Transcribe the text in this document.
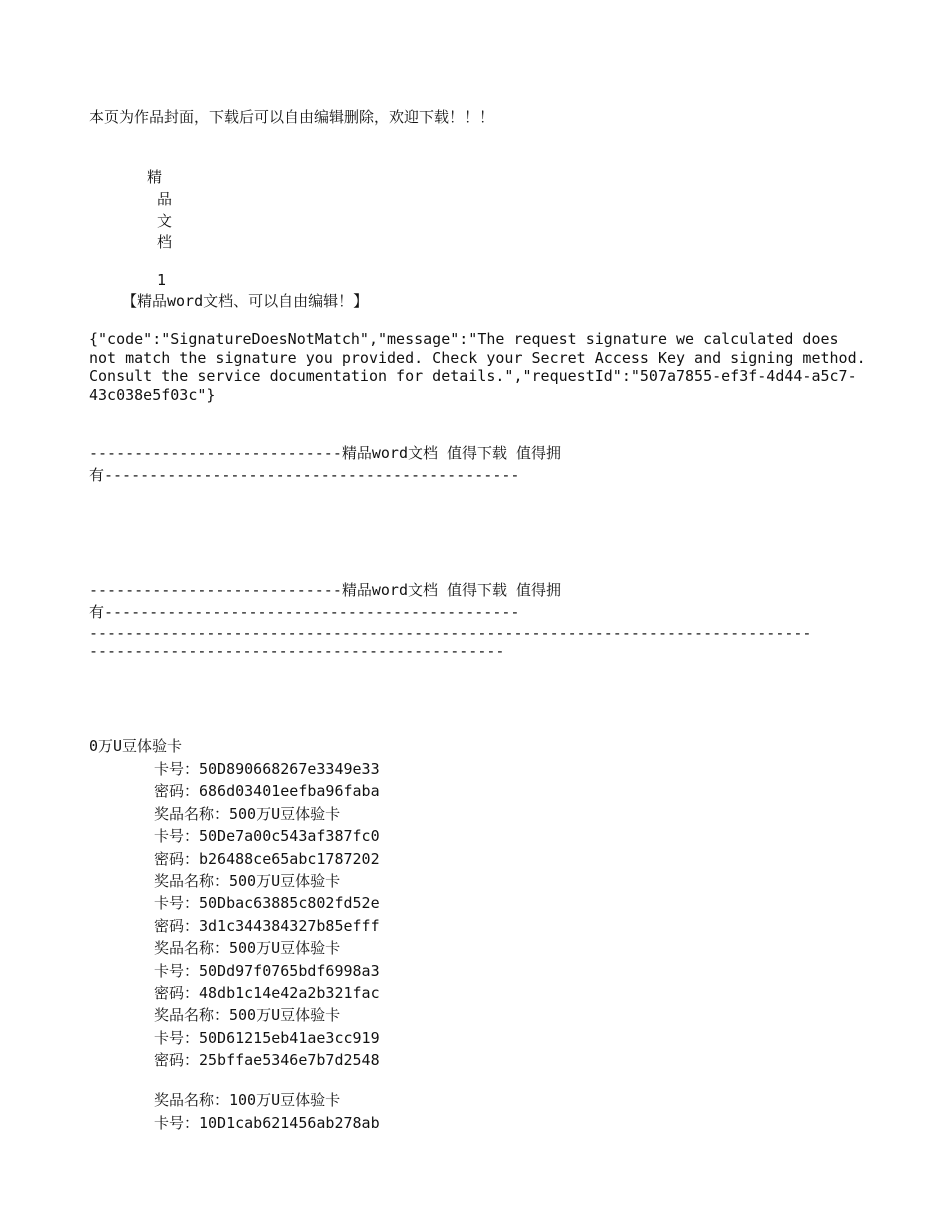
本页为作品封面，下载后可以自由编辑删除，欢迎下载！！！
精
品
文
档
1
【精品word文档、可以自由编辑！】
{"code":"SignatureDoesNotMatch","message":"The request signature we calculated does not match the signature you provided. Check your Secret Access Key and signing method. Consult the service documentation for details.","requestId":"507a7855-ef3f-4d44-a5c7-43c038e5f03c"}
----------------------------精品word文档 值得下载 值得拥
有----------------------------------------------
----------------------------精品word文档 值得下载 值得拥
有----------------------------------------------
--------------------------------------------------------------------------------
----------------------------------------------
0万U豆体验卡
卡号：50D890668267e3349e33
密码：686d03401eefba96faba
奖品名称：500万U豆体验卡
卡号：50De7a00c543af387fc0
密码：b26488ce65abc1787202
奖品名称：500万U豆体验卡
卡号：50Dbac63885c802fd52e
密码：3d1c344384327b85efff
奖品名称：500万U豆体验卡
卡号：50Dd97f0765bdf6998a3
密码：48db1c14e42a2b321fac
奖品名称：500万U豆体验卡
卡号：50D61215eb41ae3cc919
密码：25bffae5346e7b7d2548
奖品名称：100万U豆体验卡
卡号：10D1cab621456ab278ab
